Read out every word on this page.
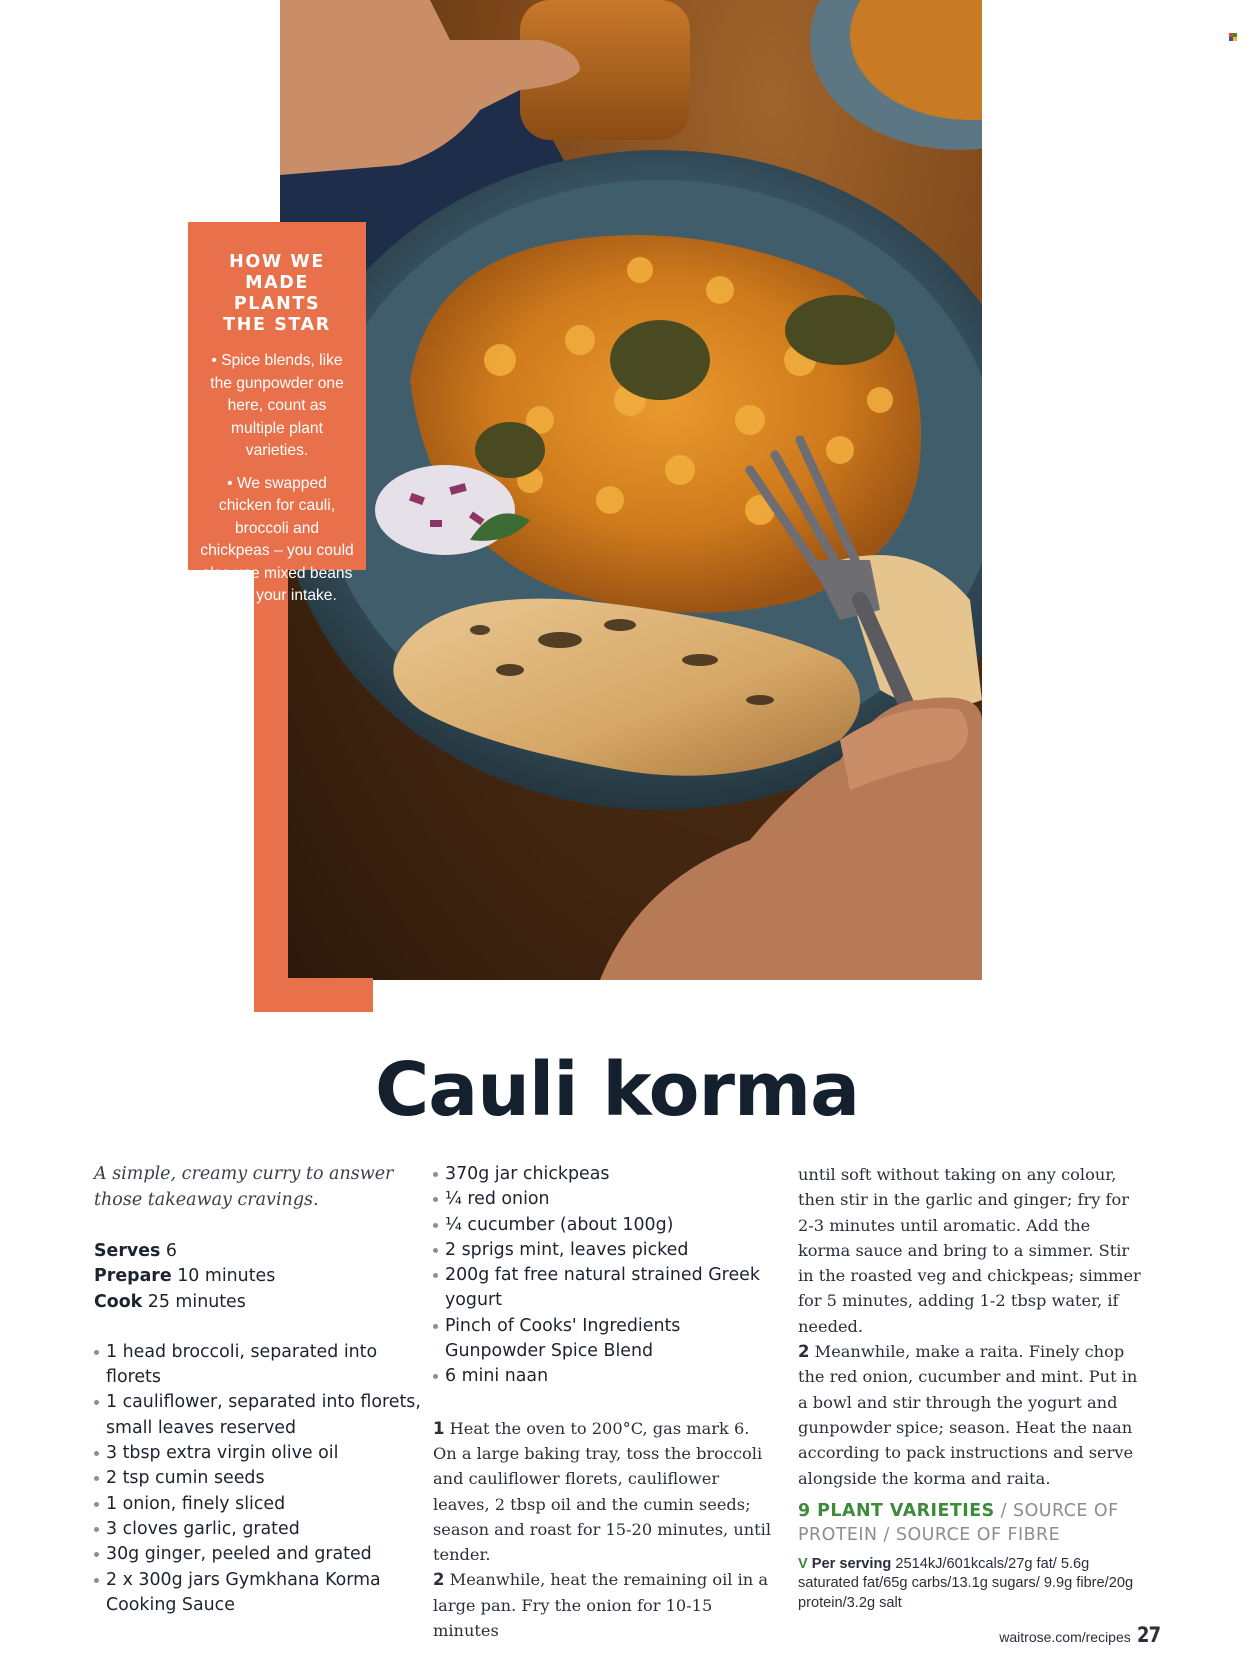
HOW WE
MADE PLANTS
THE STAR
• Spice blends, like the gunpowder one here, count as multiple plant varieties.
• We swapped chicken for cauli, broccoli and chickpeas – you could also use mixed beans to up your intake.
Cauli korma

A simple, creamy curry to answer those takeaway cravings.

Serves 6
Prepare 10 minutes
Cook 25 minutes
1 head broccoli, separated into florets
1 cauliflower, separated into florets, small leaves reserved
3 tbsp extra virgin olive oil
2 tsp cumin seeds
1 onion, finely sliced
3 cloves garlic, grated
30g ginger, peeled and grated
2 x 300g jars Gymkhana Korma Cooking Sauce
370g jar chickpeas
¼ red onion
¼ cucumber (about 100g)
2 sprigs mint, leaves picked
200g fat free natural strained Greek yogurt
Pinch of Cooks' Ingredients Gunpowder Spice Blend
6 mini naan

1 Heat the oven to 200°C, gas mark 6. On a large baking tray, toss the broccoli and cauliflower florets, cauliflower leaves, 2 tbsp oil and the cumin seeds; season and roast for 15-20 minutes, until tender.

2 Meanwhile, heat the remaining oil in a large pan. Fry the onion for 10-15 minutes

until soft without taking on any colour, then stir in the garlic and ginger; fry for 2-3 minutes until aromatic. Add the korma sauce and bring to a simmer. Stir in the roasted veg and chickpeas; simmer for 5 minutes, adding 1-2 tbsp water, if needed.

2 Meanwhile, make a raita. Finely chop the red onion, cucumber and mint. Put in a bowl and stir through the yogurt and gunpowder spice; season. Heat the naan according to pack instructions and serve alongside the korma and raita.

9 PLANT VARIETIES / SOURCE OF PROTEIN / SOURCE OF FIBRE

V Per serving 2514kJ/601kcals/27g fat/ 5.6g saturated fat/65g carbs/13.1g sugars/ 9.9g fibre/20g protein/3.2g salt

waitrose.com/recipes 27
